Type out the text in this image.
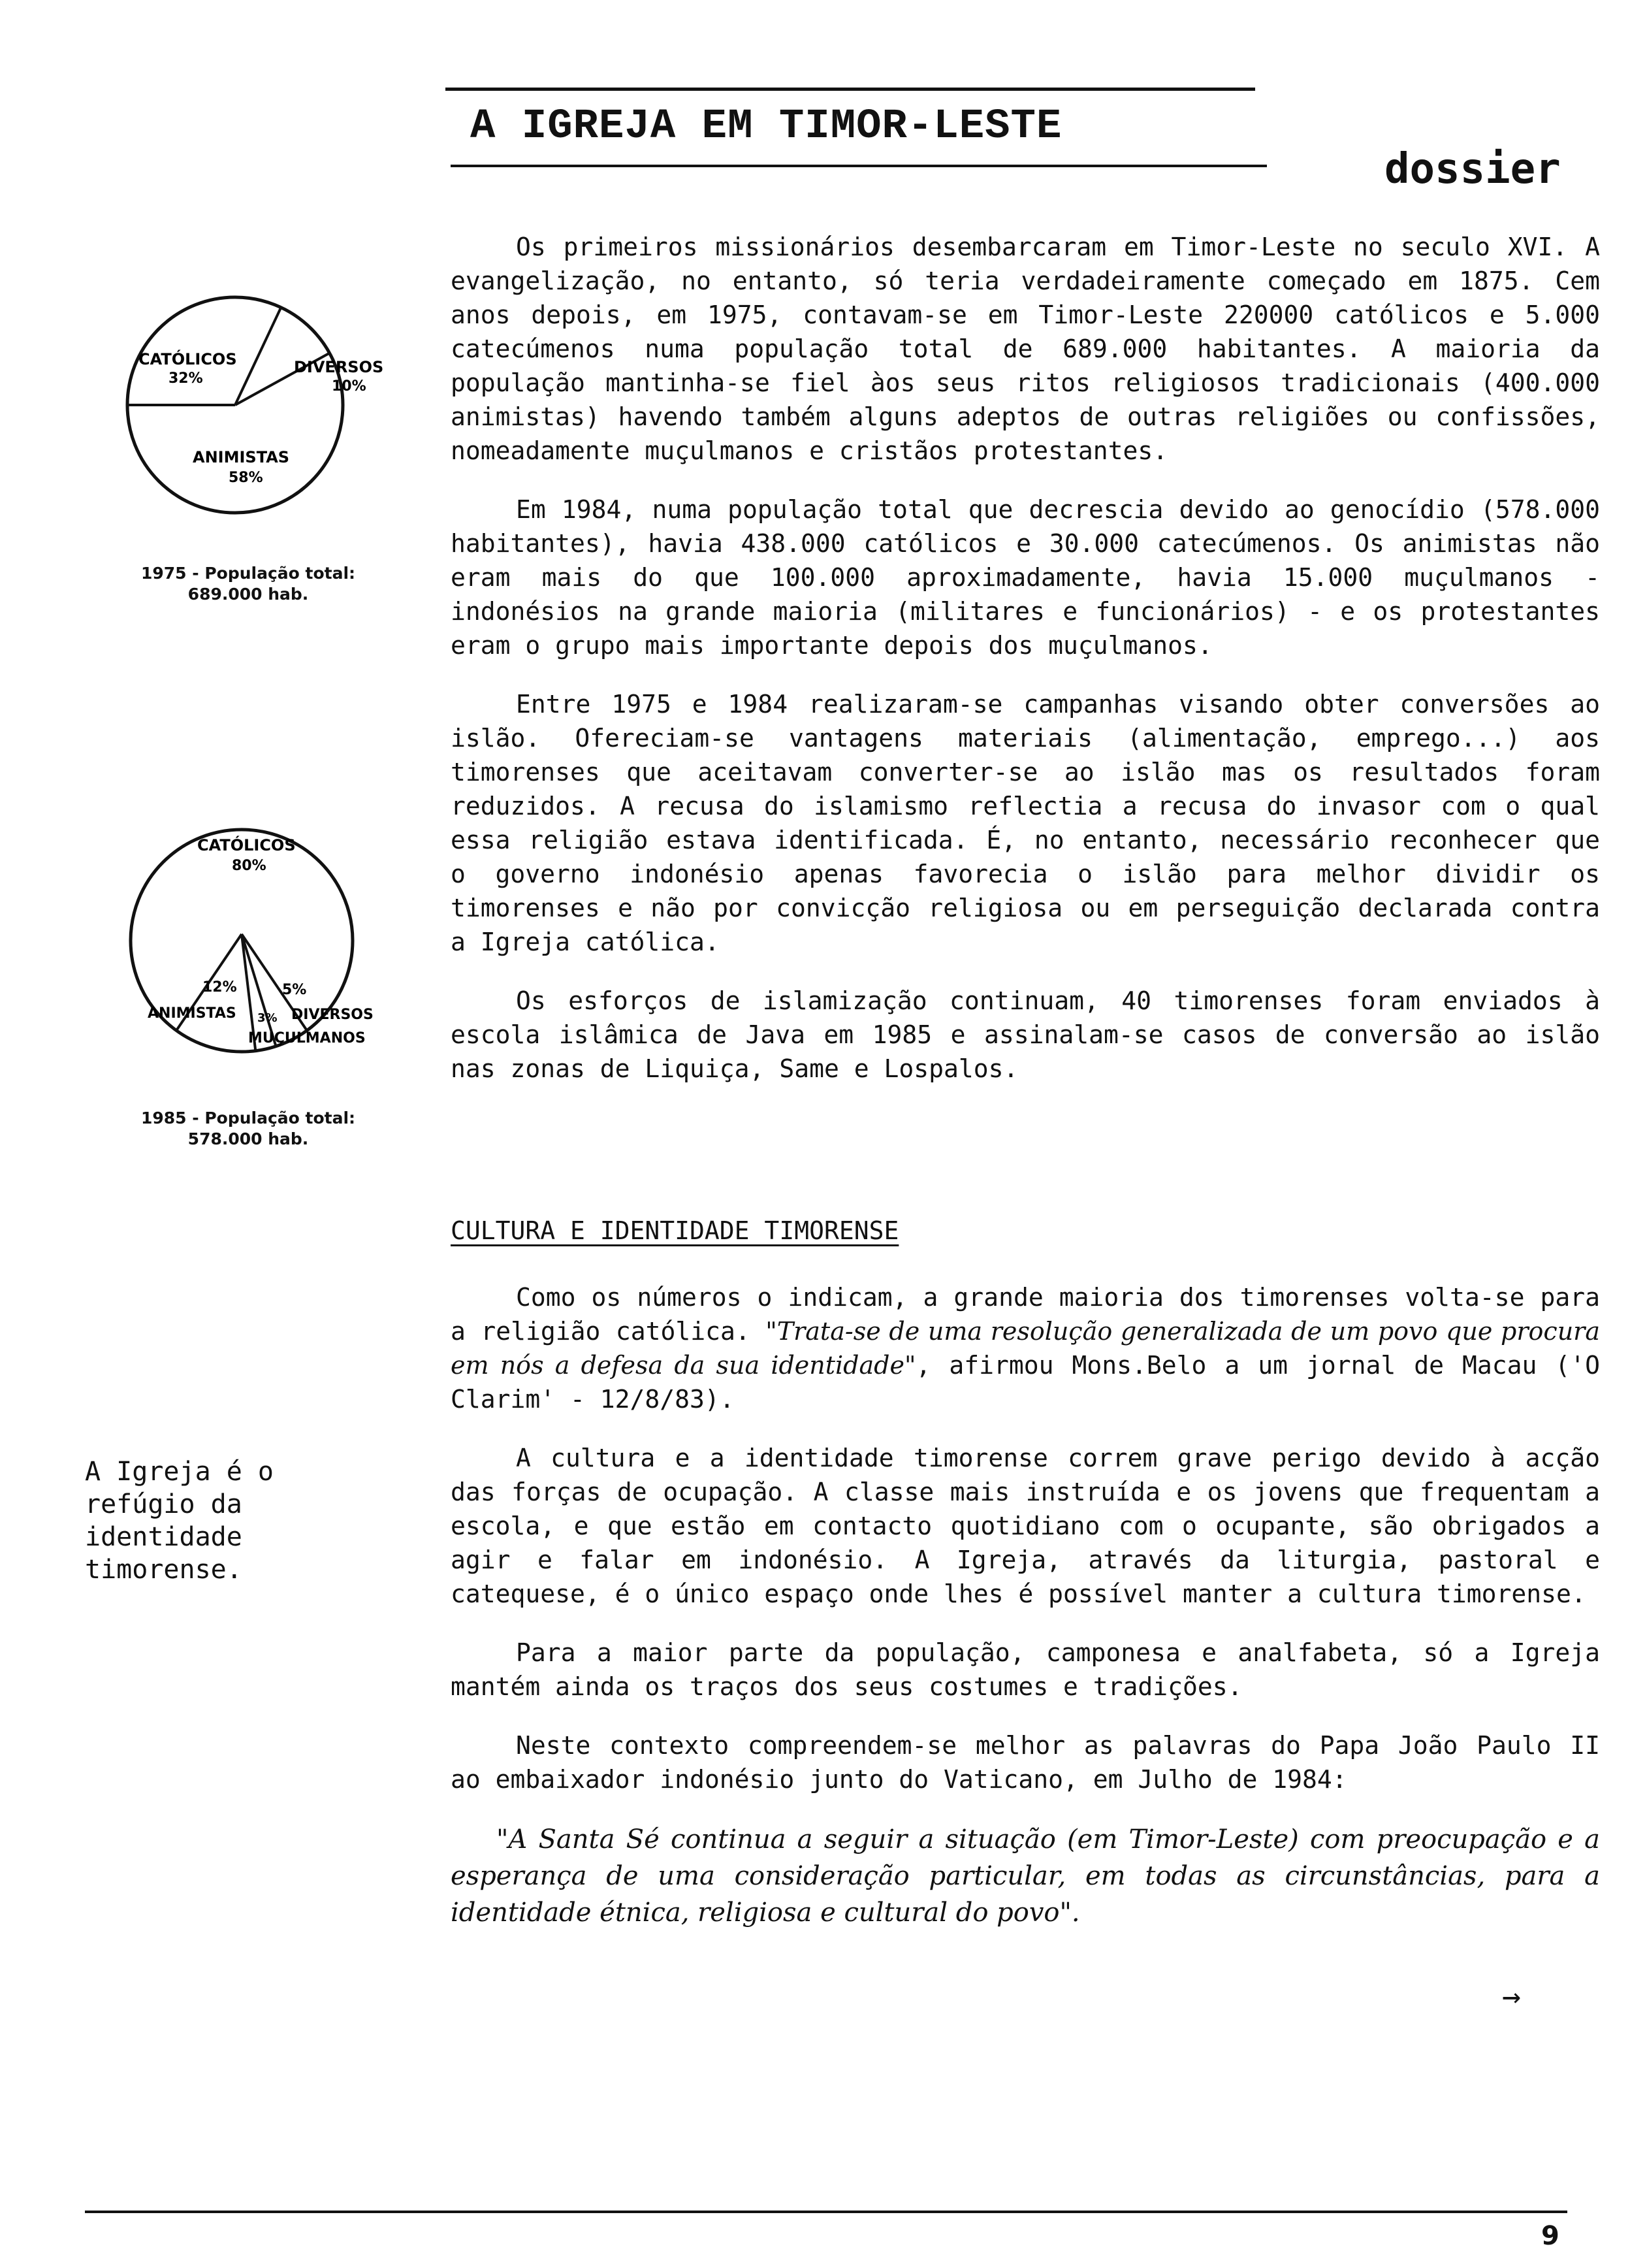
A IGREJA EM TIMOR-LESTE
dossier
CATÓLICOS
32%
DIVERSOS
10%
ANIMISTAS
58%
1975 - População total:
689.000 hab.
CATÓLICOS
80%
12%
ANIMISTAS 3%
5%
DIVERSOS
MUÇULMANOS
1985 - População total:
578.000 hab.

Os primeiros missionários desembarcaram em Timor-Leste no seculo XVI. A evangelização, no entanto, só teria verdadeiramente começado em 1875. Cem anos depois, em 1975, contavam-se em Timor-Leste 220000 católicos e 5.000 catecúmenos numa população total de 689.000 habitantes. A maioria da população mantinha-se fiel àos seus ritos religiosos tradicionais (400.000 animistas) havendo também alguns adeptos de outras religiões ou confissões, nomeadamente muçulmanos e cristãos protestantes.

Em 1984, numa população total que decrescia devido ao genocídio (578.000 habitantes), havia 438.000 católicos e 30.000 catecúmenos. Os animistas não eram mais do que 100.000 aproximadamente, havia 15.000 muçulmanos - indonésios na grande maioria (militares e funcionários) - e os protestantes eram o grupo mais importante depois dos muçulmanos.

Entre 1975 e 1984 realizaram-se campanhas visando obter conversões ao islão. Ofereciam-se vantagens materiais (alimentação, emprego...) aos timorenses que aceitavam converter-se ao islão mas os resultados foram reduzidos. A recusa do islamismo reflectia a recusa do invasor com o qual essa religião estava identificada. É, no entanto, necessário reconhecer que o governo indonésio apenas favorecia o islão para melhor dividir os timorenses e não por convicção religiosa ou em perseguição declarada contra a Igreja católica.

Os esforços de islamização continuam, 40 timorenses foram enviados à escola islâmica de Java em 1985 e assinalam-se casos de conversão ao islão nas zonas de Liquiça, Same e Lospalos.

CULTURA E IDENTIDADE TIMORENSE

Como os números o indicam, a grande maioria dos timorenses volta-se para a religião católica. "Trata-se de uma resolução generalizada de um povo que procura em nós a defesa da sua identidade", afirmou Mons.Belo a um jornal de Macau ('O Clarim' - 12/8/83).

A cultura e a identidade timorense correm grave perigo devido à acção das forças de ocupação. A classe mais instruída e os jovens que frequentam a escola, e que estão em contacto quotidiano com o ocupante, são obrigados a agir e falar em indonésio. A Igreja, através da liturgia, pastoral e catequese, é o único espaço onde lhes é possível manter a cultura timorense.

Para a maior parte da população, camponesa e analfabeta, só a Igreja mantém ainda os traços dos seus costumes e tradições.

Neste contexto compreendem-se melhor as palavras do Papa João Paulo II ao embaixador indonésio junto do Vaticano, em Julho de 1984:

"A Santa Sé continua a seguir a situação (em Timor-Leste) com preocupação e a esperança de uma consideração particular, em todas as circunstâncias, para a identidade étnica, religiosa e cultural do povo".

A Igreja é o refúgio da identidade timorense.
→
9
